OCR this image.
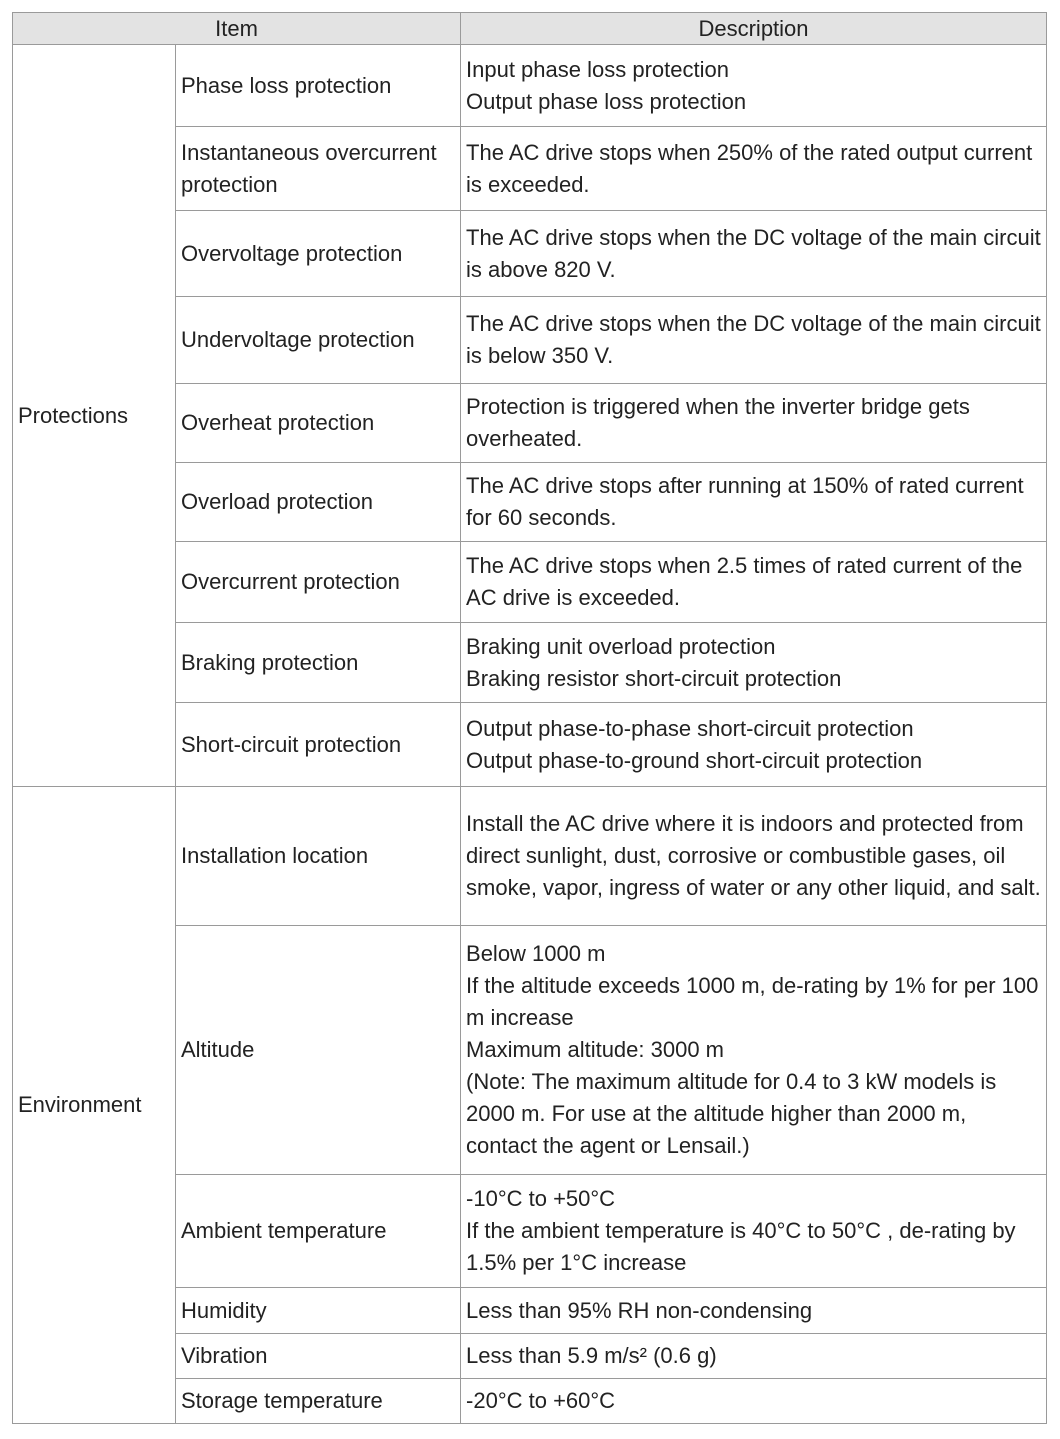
Item		Description
Protections	Phase loss protection	Input phase loss protection
Output phase loss protection

	Instantaneous overcurrent protection	The AC drive stops when 250% of the rated output current is exceeded.

	Overvoltage protection	The AC drive stops when the DC voltage of the main circuit is above 820 V.

	Undervoltage protection	The AC drive stops when the DC voltage of the main circuit is below 350 V.

	Overheat protection	Protection is triggered when the inverter bridge gets overheated.

	Overload protection	The AC drive stops after running at 150% of rated current for 60 seconds.

	Overcurrent protection	The AC drive stops when 2.5 times of rated current of the AC drive is exceeded.

	Braking protection	Braking unit overload protection
Braking resistor short-circuit protection

	Short-circuit protection	Output phase-to-phase short-circuit protection
Output phase-to-ground short-circuit protection

Environment	Installation location	Install the AC drive where it is indoors and protected from direct sunlight, dust, corrosive or combustible gases, oil smoke, vapor, ingress of water or any other liquid, and salt.

	Altitude	Below 1000 m
If the altitude exceeds 1000 m, de-rating by 1% for per 100 m increase
Maximum altitude: 3000 m
(Note: The maximum altitude for 0.4 to 3 kW models is 2000 m. For use at the altitude higher than 2000 m, contact the agent or Lensail.)

	Ambient temperature	-10°C to +50°C
If the ambient temperature is 40°C to 50°C , de-rating by 1.5% per 1°C increase

	Humidity	Less than 95% RH non-condensing

	Vibration	Less than 5.9 m/s² (0.6 g)

	Storage temperature	-20°C to +60°C
